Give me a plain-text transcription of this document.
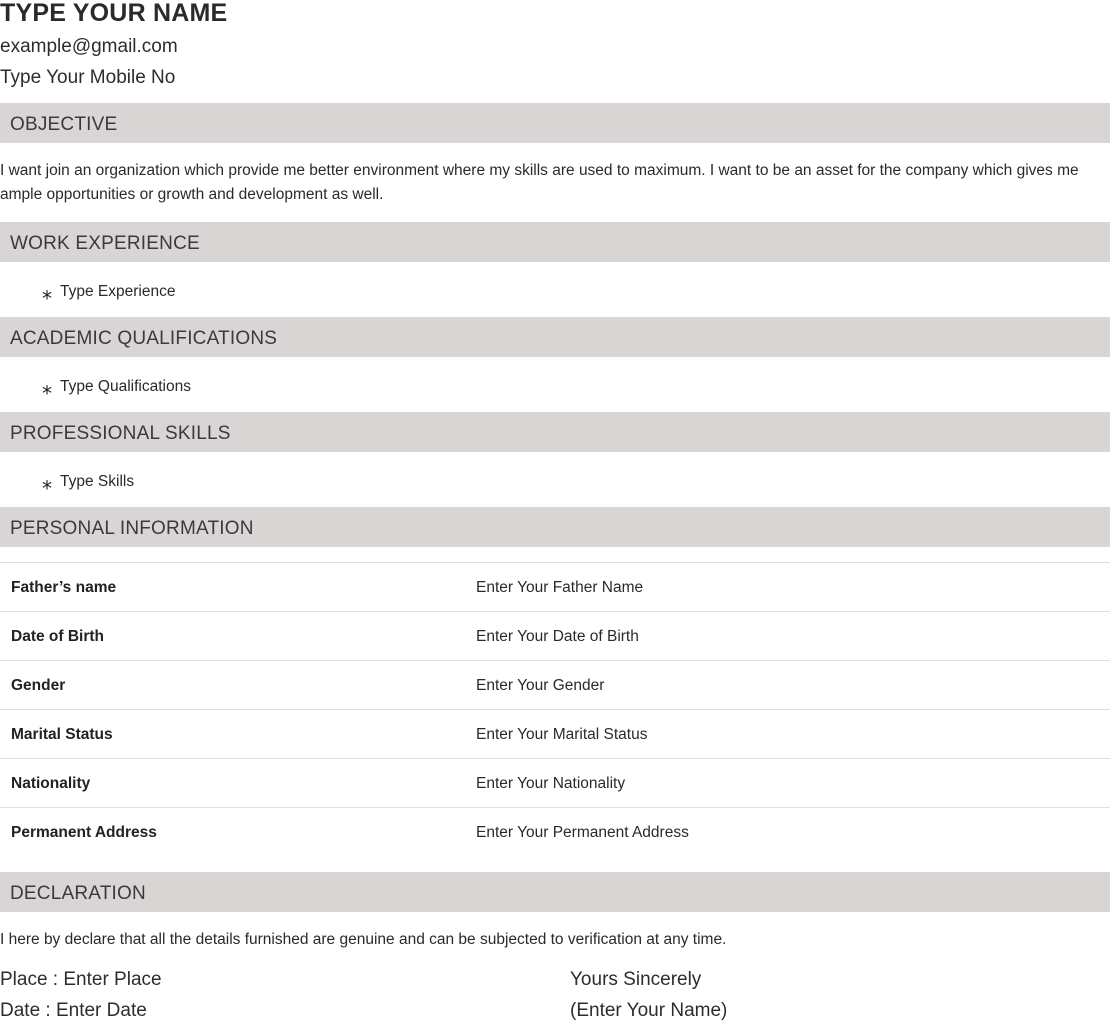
TYPE YOUR NAME
example@gmail.com
Type Your Mobile No
OBJECTIVE
I want join an organization which provide me better environment where my skills are used to maximum. I want to be an asset for the company which gives me ample opportunities or growth and development as well.
WORK EXPERIENCE
⁎ Type Experience
ACADEMIC QUALIFICATIONS
⁎ Type Qualifications
PROFESSIONAL SKILLS
⁎ Type Skills
PERSONAL INFORMATION
Father’s name	Enter Your Father Name
Date of Birth	Enter Your Date of Birth
Gender	Enter Your Gender
Marital Status	Enter Your Marital Status
Nationality	Enter Your Nationality
Permanent Address	Enter Your Permanent Address
DECLARATION
I here by declare that all the details furnished are genuine and can be subjected to verification at any time.
Place : Enter Place
Date : Enter Date
Yours Sincerely
(Enter Your Name)
